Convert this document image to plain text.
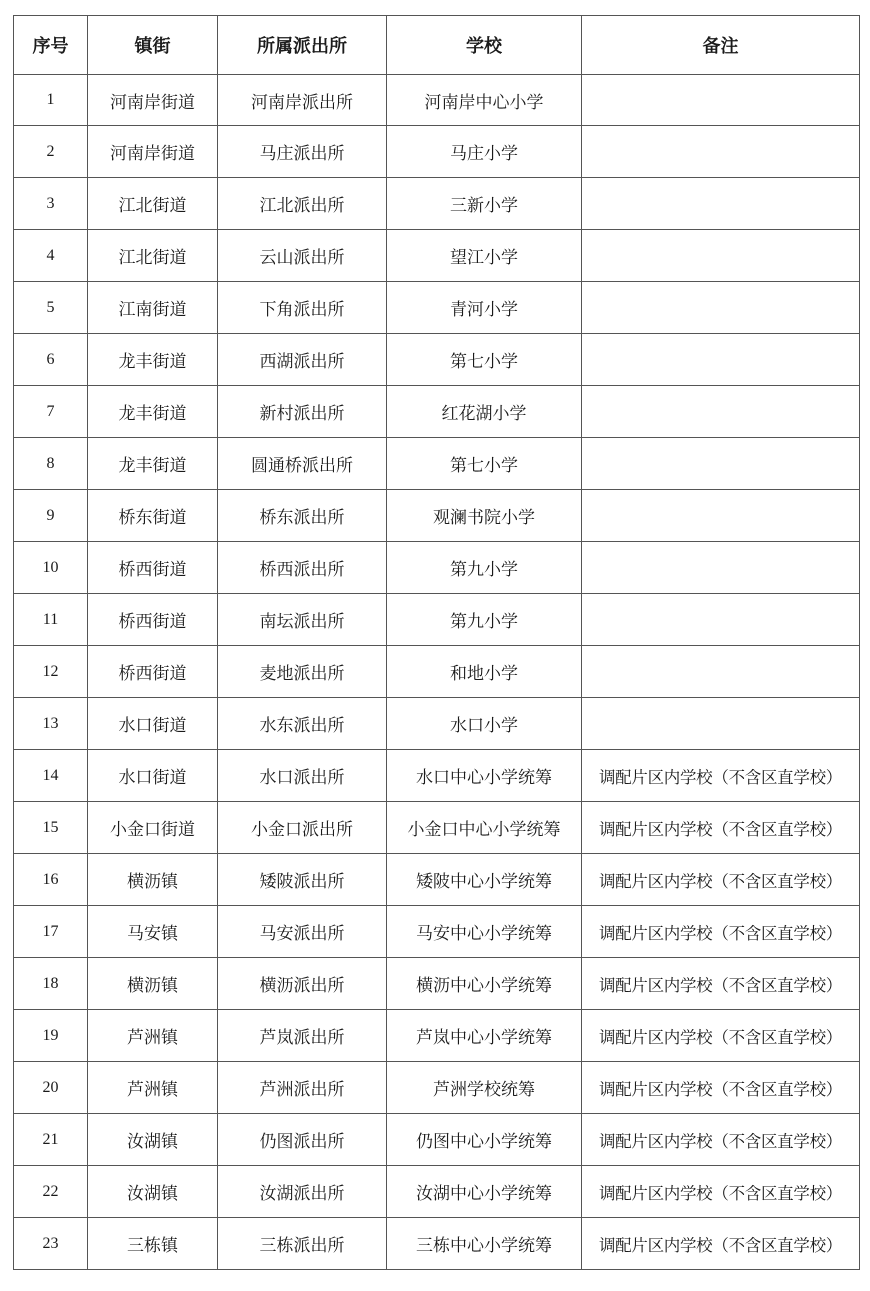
序号	镇街	所属派出所	学校	备注
1	河南岸街道	河南岸派出所	河南岸中心小学	
2	河南岸街道	马庄派出所	马庄小学	
3	江北街道	江北派出所	三新小学	
4	江北街道	云山派出所	望江小学	
5	江南街道	下角派出所	青河小学	
6	龙丰街道	西湖派出所	第七小学	
7	龙丰街道	新村派出所	红花湖小学	
8	龙丰街道	圆通桥派出所	第七小学	
9	桥东街道	桥东派出所	观澜书院小学	
10	桥西街道	桥西派出所	第九小学	
11	桥西街道	南坛派出所	第九小学	
12	桥西街道	麦地派出所	和地小学	
13	水口街道	水东派出所	水口小学	
14	水口街道	水口派出所	水口中心小学统筹	调配片区内学校（不含区直学校）
15	小金口街道	小金口派出所	小金口中心小学统筹	调配片区内学校（不含区直学校）
16	横沥镇	矮陂派出所	矮陂中心小学统筹	调配片区内学校（不含区直学校）
17	马安镇	马安派出所	马安中心小学统筹	调配片区内学校（不含区直学校）
18	横沥镇	横沥派出所	横沥中心小学统筹	调配片区内学校（不含区直学校）
19	芦洲镇	芦岚派出所	芦岚中心小学统筹	调配片区内学校（不含区直学校）
20	芦洲镇	芦洲派出所	芦洲学校统筹	调配片区内学校（不含区直学校）
21	汝湖镇	仍图派出所	仍图中心小学统筹	调配片区内学校（不含区直学校）
22	汝湖镇	汝湖派出所	汝湖中心小学统筹	调配片区内学校（不含区直学校）
23	三栋镇	三栋派出所	三栋中心小学统筹	调配片区内学校（不含区直学校）
